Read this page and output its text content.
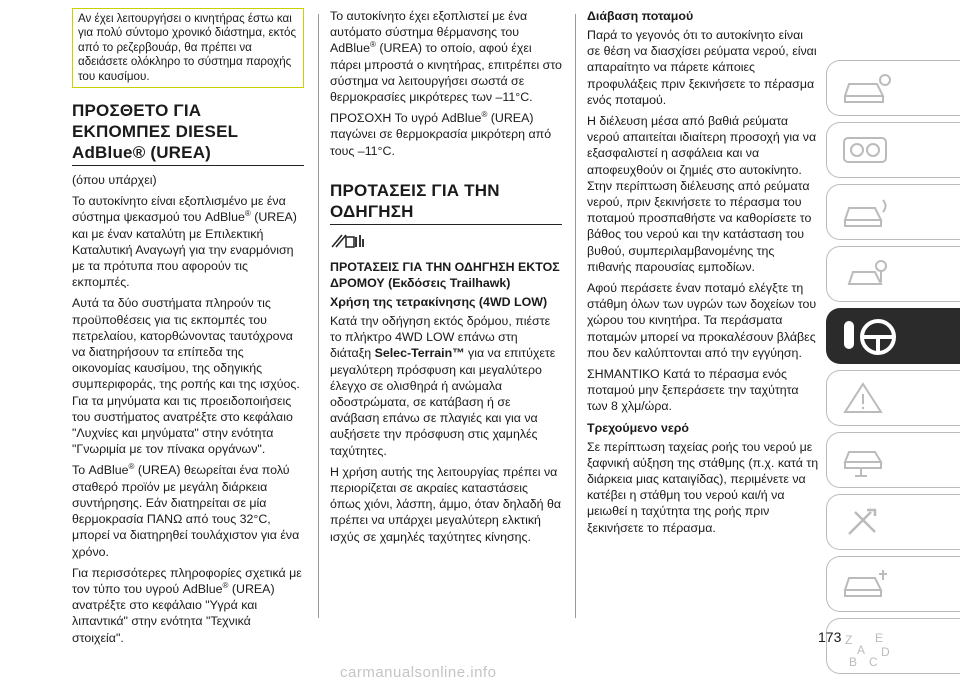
Αν έχει λειτουργήσει ο κινητήρας έστω και για πολύ σύντομο χρονικό διάστημα, εκτός από το ρεζερβουάρ, θα πρέπει να αδειάσετε ολόκληρο το σύστημα παροχής του καυσίμου.
ΠΡΟΣΘΕΤΟ ΓΙΑ ΕΚΠΟΜΠΕΣ DIESEL AdBlue® (UREA)

(όπου υπάρχει)

Το αυτοκίνητο είναι εξοπλισμένο με ένα σύστημα ψεκασμού του AdBlue® (UREA) και με έναν καταλύτη με Επιλεκτική Καταλυτική Αναγωγή για την εναρμόνιση με τα πρότυπα που αφορούν τις εκπομπές.

Αυτά τα δύο συστήματα πληρούν τις προϋποθέσεις για τις εκπομπές του πετρελαίου, κατορθώνοντας ταυτόχρονα να διατηρήσουν τα επίπεδα της οικονομίας καυσίμου, της οδηγικής συμπεριφοράς, της ροπής και της ισχύος. Για τα μηνύματα και τις προειδοποιήσεις του συστήματος ανατρέξτε στο κεφάλαιο "Λυχνίες και μηνύματα" στην ενότητα "Γνωριμία με τον πίνακα οργάνων".

Το AdBlue® (UREA) θεωρείται ένα πολύ σταθερό προϊόν με μεγάλη διάρκεια συντήρησης. Εάν διατηρείται σε μία θερμοκρασία ΠΑΝΩ από τους 32°C, μπορεί να διατηρηθεί τουλάχιστον για ένα χρόνο.

Για περισσότερες πληροφορίες σχετικά με τον τύπο του υγρού AdBlue® (UREA) ανατρέξτε στο κεφάλαιο "Υγρά και λιπαντικά" στην ενότητα "Τεχνικά στοιχεία".

Το αυτοκίνητο έχει εξοπλιστεί με ένα αυτόματο σύστημα θέρμανσης του AdBlue® (UREA) το οποίο, αφού έχει πάρει μπροστά ο κινητήρας, επιτρέπει στο σύστημα να λειτουργήσει σωστά σε θερμοκρασίες μικρότερες των –11°C.

ΠΡΟΣΟΧΗ Το υγρό AdBlue® (UREA) παγώνει σε θερμοκρασία μικρότερη από τους –11°C.

ΠΡΟΤΑΣΕΙΣ ΓΙΑ ΤΗΝ ΟΔΗΓΗΣΗ
ΠΡΟΤΑΣΕΙΣ ΓΙΑ ΤΗΝ ΟΔΗΓΗΣΗ ΕΚΤΟΣ ΔΡΟΜΟΥ (Εκδόσεις Trailhawk)
Χρήση της τετρακίνησης (4WD LOW)

Κατά την οδήγηση εκτός δρόμου, πιέστε το πλήκτρο 4WD LOW επάνω στη διάταξη Selec-Terrain™ για να επιτύχετε μεγαλύτερη πρόσφυση και μεγαλύτερο έλεγχο σε ολισθηρά ή ανώμαλα οδοστρώματα, σε κατάβαση ή σε ανάβαση επάνω σε πλαγιές και για να αυξήσετε την πρόσφυση στις χαμηλές ταχύτητες.

Η χρήση αυτής της λειτουργίας πρέπει να περιορίζεται σε ακραίες καταστάσεις όπως χιόνι, λάσπη, άμμο, όταν δηλαδή θα πρέπει να υπάρχει μεγαλύτερη ελκτική ισχύς σε χαμηλές ταχύτητες κίνησης.

Διάβαση ποταμού

Παρά το γεγονός ότι το αυτοκίνητο είναι σε θέση να διασχίσει ρεύματα νερού, είναι απαραίτητο να πάρετε κάποιες προφυλάξεις πριν ξεκινήσετε το πέρασμα ενός ποταμού.

Η διέλευση μέσα από βαθιά ρεύματα νερού απαιτείται ιδιαίτερη προσοχή για να εξασφαλιστεί η ασφάλεια και να αποφευχθούν οι ζημιές στο αυτοκίνητο. Στην περίπτωση διέλευσης από ρεύματα νερού, πριν ξεκινήσετε το πέρασμα του ποταμού προσπαθήστε να καθορίσετε το βάθος του νερού και την κατάσταση του βυθού, συμπεριλαμβανομένης της πιθανής παρουσίας εμποδίων.

Αφού περάσετε έναν ποταμό ελέγξτε τη στάθμη όλων των υγρών των δοχείων του χώρου του κινητήρα. Τα περάσματα ποταμών μπορεί να προκαλέσουν βλάβες που δεν καλύπτονται από την εγγύηση.

ΣΗΜΑΝΤΙΚΟ Κατά το πέρασμα ενός ποταμού μην ξεπεράσετε την ταχύτητα των 8 χλμ/ώρα.

Τρεχούμενο νερό

Σε περίπτωση ταχείας ροής του νερού με ξαφνική αύξηση της στάθμης (π.χ. κατά τη διάρκεια μιας καταιγίδας), περιμένετε να κατέβει η στάθμη του νερού και/ή να μειωθεί η ταχύτητα της ροής πριν ξεκινήσετε το πέρασμα.

Z E
A D
B C
173
carmanualsonline.info
